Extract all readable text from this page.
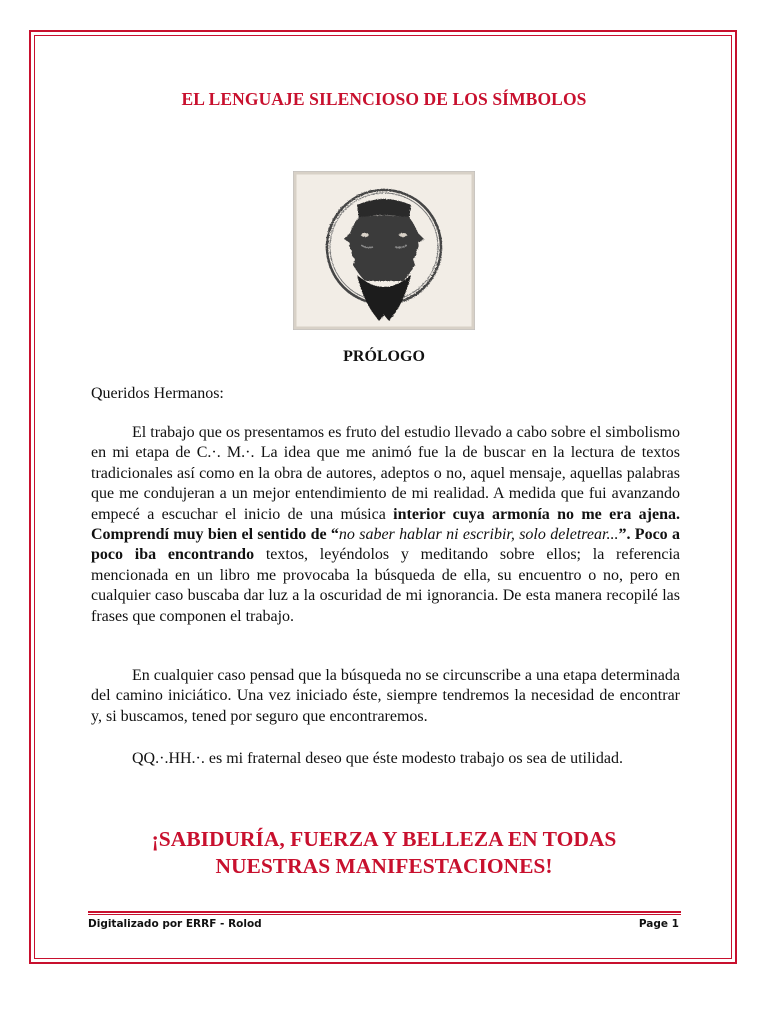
EL LENGUAJE SILENCIOSO DE LOS SÍMBOLOS
PRÓLOGO
Queridos Hermanos:

El trabajo que os presentamos es fruto del estudio llevado a cabo sobre el simbolismo en mi etapa de C.·. M.·. La idea que me animó fue la de buscar en la lectura de textos tradicionales así como en la obra de autores, adeptos o no, aquel mensaje, aquellas palabras que me condujeran a un mejor entendimiento de mi realidad. A medida que fui avanzando empecé a escuchar el inicio de una música interior cuya armonía no me era ajena. Comprendí muy bien el sentido de “no saber hablar ni escribir, solo deletrear...”. Poco a poco iba encontrando textos, leyéndolos y meditando sobre ellos; la referencia mencionada en un libro me provocaba la búsqueda de ella, su encuentro o no, pero en cualquier caso buscaba dar luz a la oscuridad de mi ignorancia. De esta manera recopilé las frases que componen el trabajo.

En cualquier caso pensad que la búsqueda no se circunscribe a una etapa determinada del camino iniciático. Una vez iniciado éste, siempre tendremos la necesidad de encontrar y, si buscamos, tened por seguro que encontraremos.

QQ.·.HH.·. es mi fraternal deseo que éste modesto trabajo os sea de utilidad.

¡SABIDURÍA, FUERZA Y BELLEZA EN TODAS
NUESTRAS MANIFESTACIONES!
Digitalizado por ERRF - Rolod	Page 1
